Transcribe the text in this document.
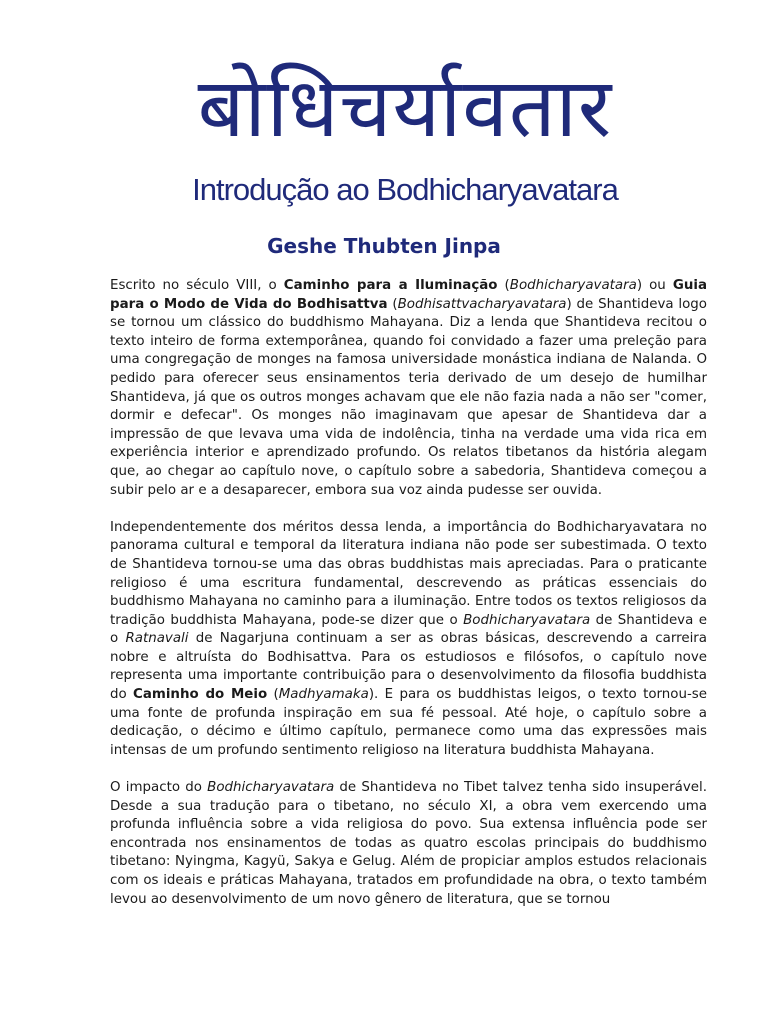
बोधिचर्यावतार
Introdução ao Bodhicharyavatara
Geshe Thubten Jinpa

Escrito no século VIII, o Caminho para a Iluminação (Bodhicharyavatara) ou Guia para o Modo de Vida do Bodhisattva (Bodhisattvacharyavatara) de Shantideva logo se tornou um clássico do buddhismo Mahayana. Diz a lenda que Shantideva recitou o texto inteiro de forma extemporânea, quando foi convidado a fazer uma preleção para uma congregação de monges na famosa universidade monástica indiana de Nalanda. O pedido para oferecer seus ensinamentos teria derivado de um desejo de humilhar Shantideva, já que os outros monges achavam que ele não fazia nada a não ser "comer, dormir e defecar". Os monges não imaginavam que apesar de Shantideva dar a impressão de que levava uma vida de indolência, tinha na verdade uma vida rica em experiência interior e aprendizado profundo. Os relatos tibetanos da história alegam que, ao chegar ao capítulo nove, o capítulo sobre a sabedoria, Shantideva começou a subir pelo ar e a desaparecer, embora sua voz ainda pudesse ser ouvida.

Independentemente dos méritos dessa lenda, a importância do Bodhicharyavatara no panorama cultural e temporal da literatura indiana não pode ser subestimada. O texto de Shantideva tornou-se uma das obras buddhistas mais apreciadas. Para o praticante religioso é uma escritura fundamental, descrevendo as práticas essenciais do buddhismo Mahayana no caminho para a iluminação. Entre todos os textos religiosos da tradição buddhista Mahayana, pode-se dizer que o Bodhicharyavatara de Shantideva e o Ratnavali de Nagarjuna continuam a ser as obras básicas, descrevendo a carreira nobre e altruísta do Bodhisattva. Para os estudiosos e filósofos, o capítulo nove representa uma importante contribuição para o desenvolvimento da filosofia buddhista do Caminho do Meio (Madhyamaka). E para os buddhistas leigos, o texto tornou-se uma fonte de profunda inspiração em sua fé pessoal. Até hoje, o capítulo sobre a dedicação, o décimo e último capítulo, permanece como uma das expressões mais intensas de um profundo sentimento religioso na literatura buddhista Mahayana.

O impacto do Bodhicharyavatara de Shantideva no Tibet talvez tenha sido insuperável. Desde a sua tradução para o tibetano, no século XI, a obra vem exercendo uma profunda influência sobre a vida religiosa do povo. Sua extensa influência pode ser encontrada nos ensinamentos de todas as quatro escolas principais do buddhismo tibetano: Nyingma, Kagyü, Sakya e Gelug. Além de propiciar amplos estudos relacionais com os ideais e práticas Mahayana, tratados em profundidade na obra, o texto também levou ao desenvolvimento de um novo gênero de literatura, que se tornou
